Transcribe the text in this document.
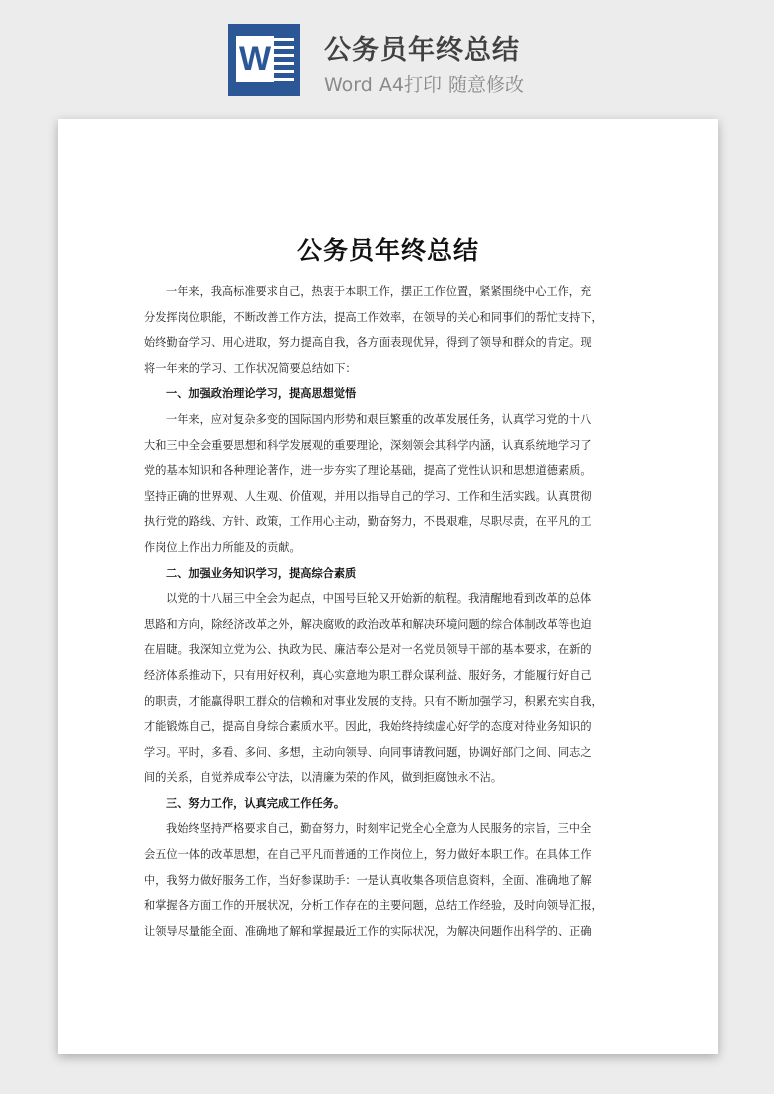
W 公务员年终总结
Word A4打印 随意修改
公务员年终总结
一年来，我高标准要求自己，热衷于本职工作，摆正工作位置，紧紧围绕中心工作，充
分发挥岗位职能，不断改善工作方法，提高工作效率，在领导的关心和同事们的帮忙支持下，
始终勤奋学习、用心进取，努力提高自我，各方面表现优异，得到了领导和群众的肯定。现
将一年来的学习、工作状况简要总结如下：
一、加强政治理论学习，提高思想觉悟
一年来，应对复杂多变的国际国内形势和艰巨繁重的改革发展任务，认真学习党的十八
大和三中全会重要思想和科学发展观的重要理论，深刻领会其科学内涵，认真系统地学习了
党的基本知识和各种理论著作，进一步夯实了理论基础，提高了党性认识和思想道德素质。
坚持正确的世界观、人生观、价值观，并用以指导自己的学习、工作和生活实践。认真贯彻
执行党的路线、方针、政策，工作用心主动，勤奋努力，不畏艰难，尽职尽责，在平凡的工
作岗位上作出力所能及的贡献。
二、加强业务知识学习，提高综合素质
以党的十八届三中全会为起点，中国号巨轮又开始新的航程。我清醒地看到改革的总体
思路和方向，除经济改革之外，解决腐败的政治改革和解决环境问题的综合体制改革等也迫
在眉睫。我深知立党为公、执政为民、廉洁奉公是对一名党员领导干部的基本要求，在新的
经济体系推动下，只有用好权利，真心实意地为职工群众谋利益、服好务，才能履行好自己
的职责，才能赢得职工群众的信赖和对事业发展的支持。只有不断加强学习，积累充实自我，
才能锻炼自己，提高自身综合素质水平。因此，我始终持续虚心好学的态度对待业务知识的
学习。平时，多看、多问、多想，主动向领导、向同事请教问题，协调好部门之间、同志之
间的关系，自觉养成奉公守法，以清廉为荣的作风，做到拒腐蚀永不沾。
三、努力工作，认真完成工作任务。
我始终坚持严格要求自己，勤奋努力，时刻牢记党全心全意为人民服务的宗旨，三中全
会五位一体的改革思想，在自己平凡而普通的工作岗位上，努力做好本职工作。在具体工作
中，我努力做好服务工作，当好参谋助手：一是认真收集各项信息资料，全面、准确地了解
和掌握各方面工作的开展状况，分析工作存在的主要问题，总结工作经验，及时向领导汇报，
让领导尽量能全面、准确地了解和掌握最近工作的实际状况，为解决问题作出科学的、正确
